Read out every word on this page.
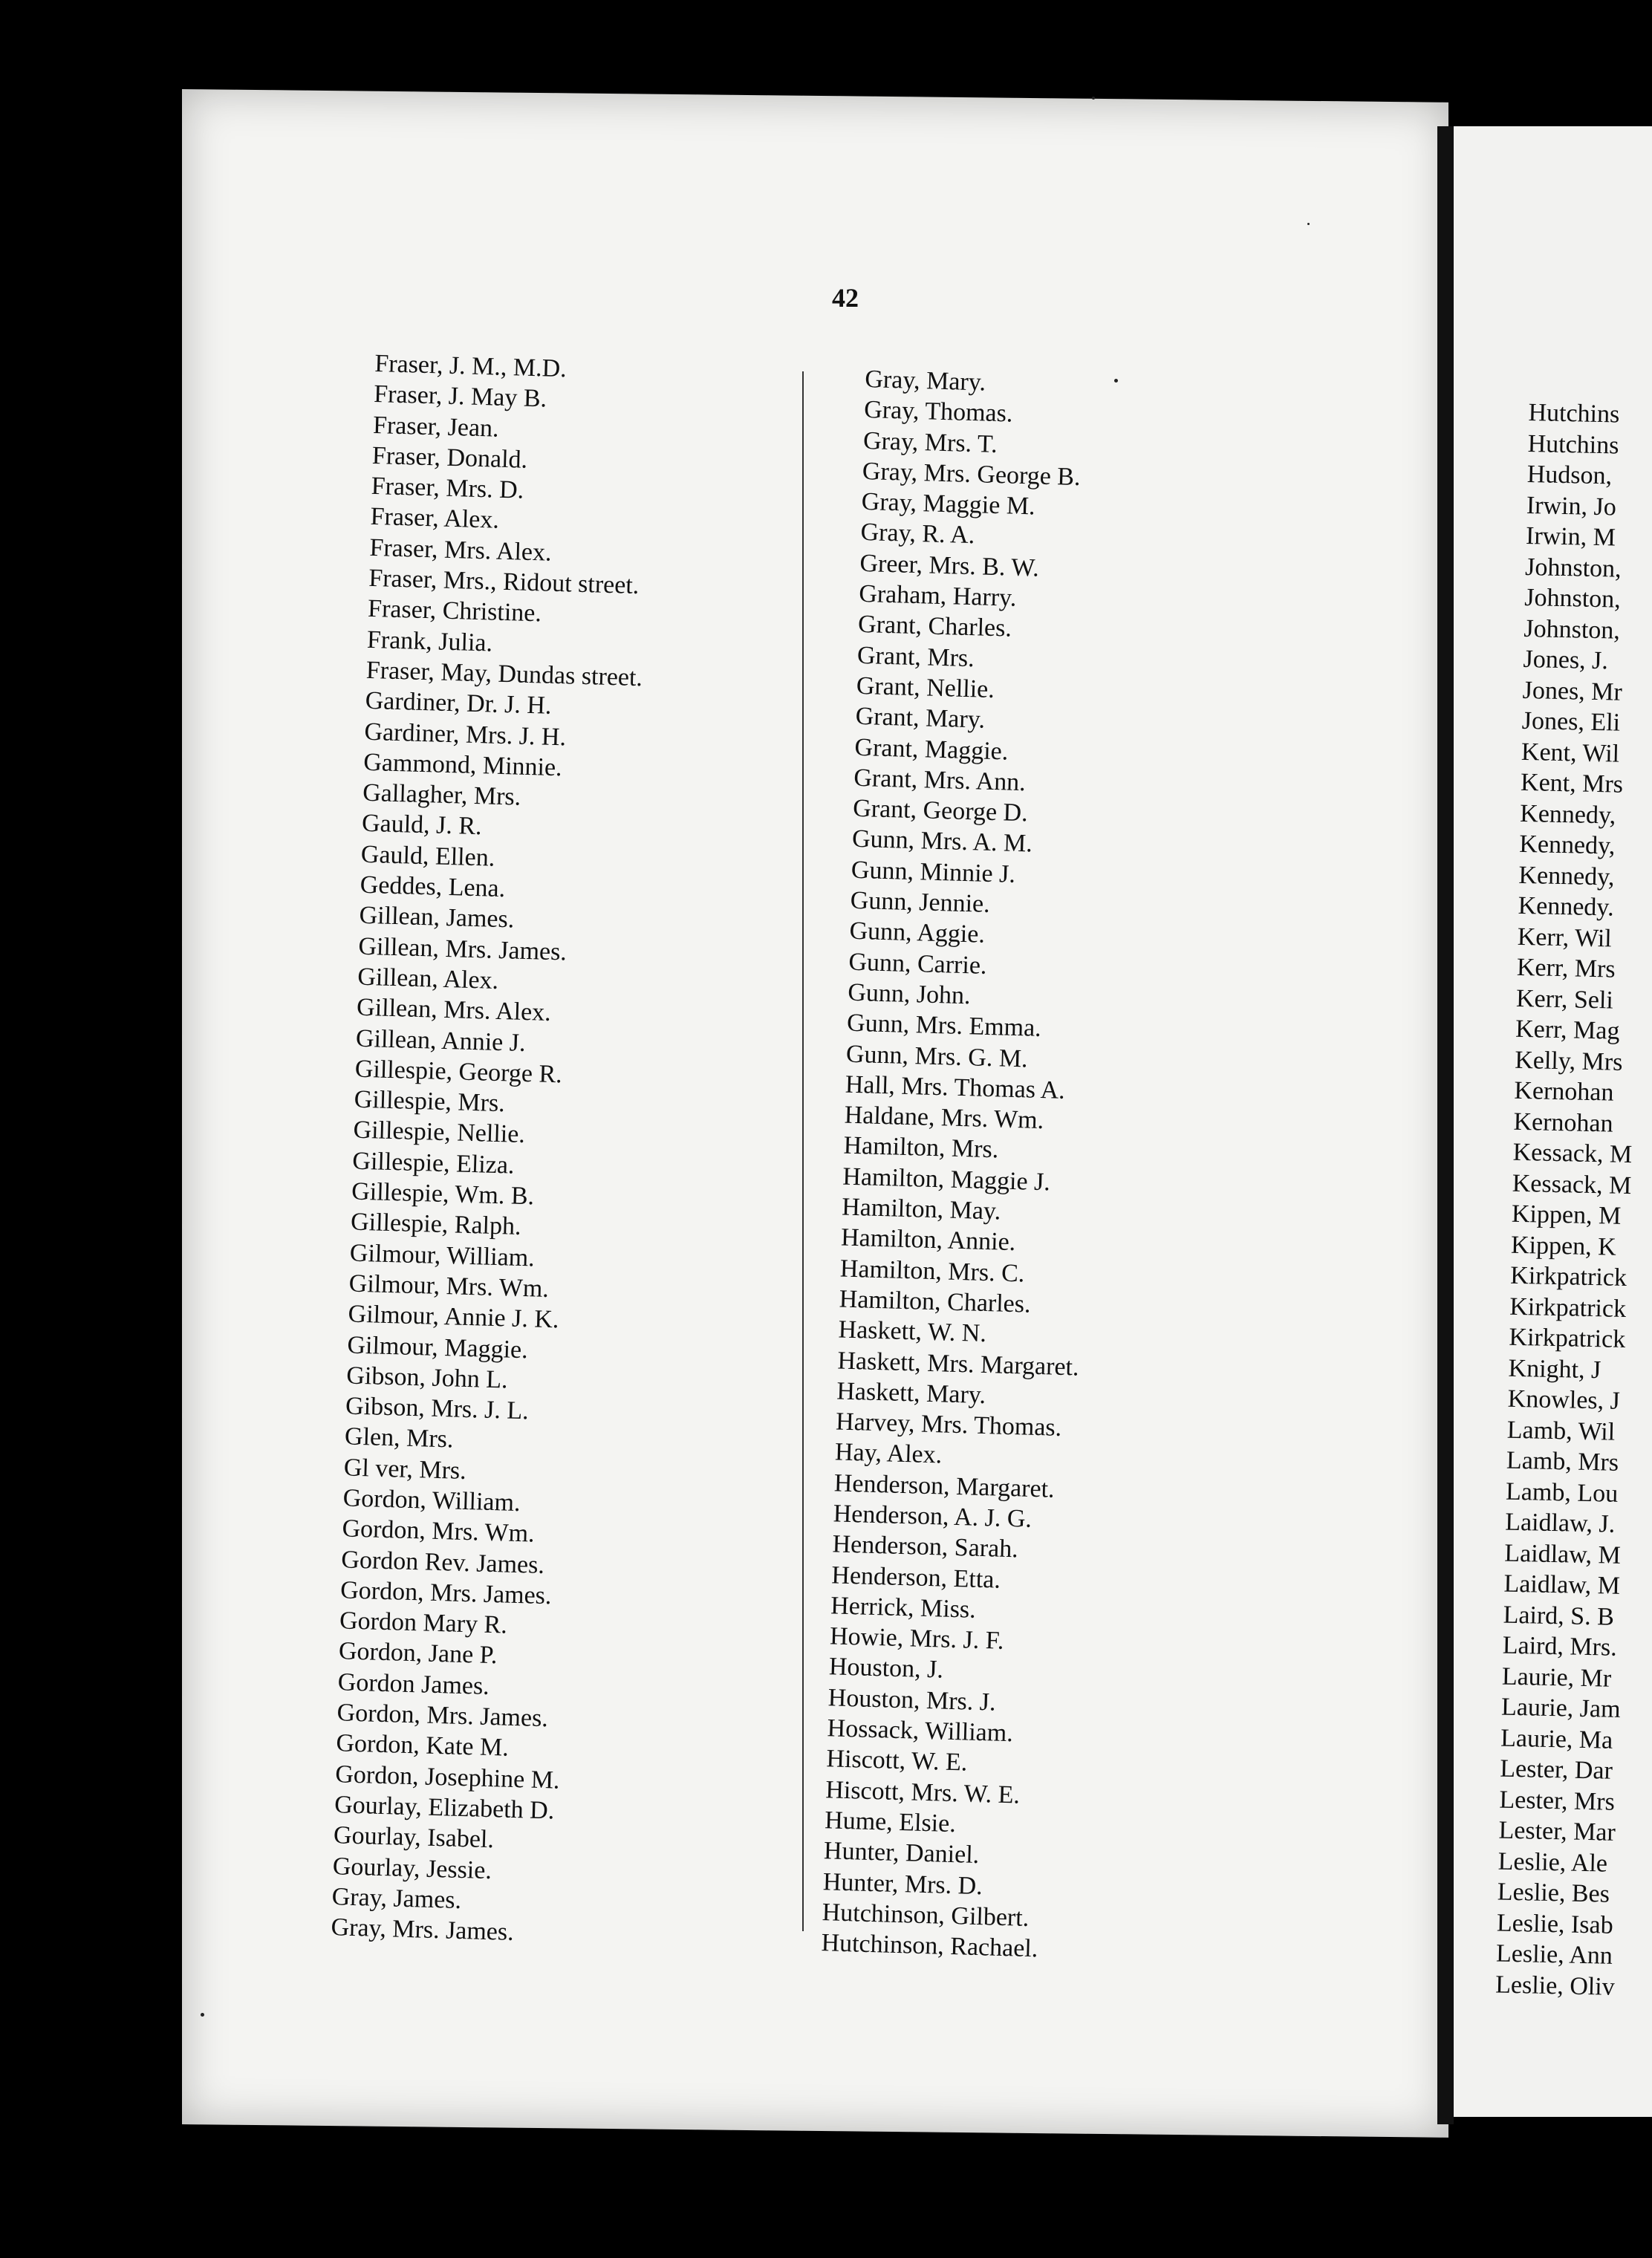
42
Fraser, J. M., M.D.
Fraser, J. May B.
Fraser, Jean.
Fraser, Donald.
Fraser, Mrs. D.
Fraser, Alex.
Fraser, Mrs. Alex.
Fraser, Mrs., Ridout street.
Fraser, Christine.
Frank, Julia.
Fraser, May, Dundas street.
Gardiner, Dr. J. H.
Gardiner, Mrs. J. H.
Gammond, Minnie.
Gallagher, Mrs.
Gauld, J. R.
Gauld, Ellen.
Geddes, Lena.
Gillean, James.
Gillean, Mrs. James.
Gillean, Alex.
Gillean, Mrs. Alex.
Gillean, Annie J.
Gillespie, George R.
Gillespie, Mrs.
Gillespie, Nellie.
Gillespie, Eliza.
Gillespie, Wm. B.
Gillespie, Ralph.
Gilmour, William.
Gilmour, Mrs. Wm.
Gilmour, Annie J. K.
Gilmour, Maggie.
Gibson, John L.
Gibson, Mrs. J. L.
Glen, Mrs.
Gl ver, Mrs.
Gordon, William.
Gordon, Mrs. Wm.
Gordon Rev. James.
Gordon, Mrs. James.
Gordon Mary R.
Gordon, Jane P.
Gordon James.
Gordon, Mrs. James.
Gordon, Kate M.
Gordon, Josephine M.
Gourlay, Elizabeth D.
Gourlay, Isabel.
Gourlay, Jessie.
Gray, James.
Gray, Mrs. James.
Gray, Mary.
Gray, Thomas.
Gray, Mrs. T.
Gray, Mrs. George B.
Gray, Maggie M.
Gray, R. A.
Greer, Mrs. B. W.
Graham, Harry.
Grant, Charles.
Grant, Mrs.
Grant, Nellie.
Grant, Mary.
Grant, Maggie.
Grant, Mrs. Ann.
Grant, George D.
Gunn, Mrs. A. M.
Gunn, Minnie J.
Gunn, Jennie.
Gunn, Aggie.
Gunn, Carrie.
Gunn, John.
Gunn, Mrs. Emma.
Gunn, Mrs. G. M.
Hall, Mrs. Thomas A.
Haldane, Mrs. Wm.
Hamilton, Mrs.
Hamilton, Maggie J.
Hamilton, May.
Hamilton, Annie.
Hamilton, Mrs. C.
Hamilton, Charles.
Haskett, W. N.
Haskett, Mrs. Margaret.
Haskett, Mary.
Harvey, Mrs. Thomas.
Hay, Alex.
Henderson, Margaret.
Henderson, A. J. G.
Henderson, Sarah.
Henderson, Etta.
Herrick, Miss.
Howie, Mrs. J. F.
Houston, J.
Houston, Mrs. J.
Hossack, William.
Hiscott, W. E.
Hiscott, Mrs. W. E.
Hume, Elsie.
Hunter, Daniel.
Hunter, Mrs. D.
Hutchinson, Gilbert.
Hutchinson, Rachael.
Hutchins
Hutchins
Hudson,
Irwin, Jo
Irwin, M
Johnston,
Johnston,
Johnston,
Jones, J.
Jones, Mr
Jones, Eli
Kent, Wil
Kent, Mrs
Kennedy,
Kennedy,
Kennedy,
Kennedy.
Kerr, Wil
Kerr, Mrs
Kerr, Seli
Kerr, Mag
Kelly, Mrs
Kernohan
Kernohan
Kessack, M
Kessack, M
Kippen, M
Kippen, K
Kirkpatrick
Kirkpatrick
Kirkpatrick
Knight, J
Knowles, J
Lamb, Wil
Lamb, Mrs
Lamb, Lou
Laidlaw, J.
Laidlaw, M
Laidlaw, M
Laird, S. B
Laird, Mrs.
Laurie, Mr
Laurie, Jam
Laurie, Ma
Lester, Dar
Lester, Mrs
Lester, Mar
Leslie, Ale
Leslie, Bes
Leslie, Isab
Leslie, Ann
Leslie, Oliv
